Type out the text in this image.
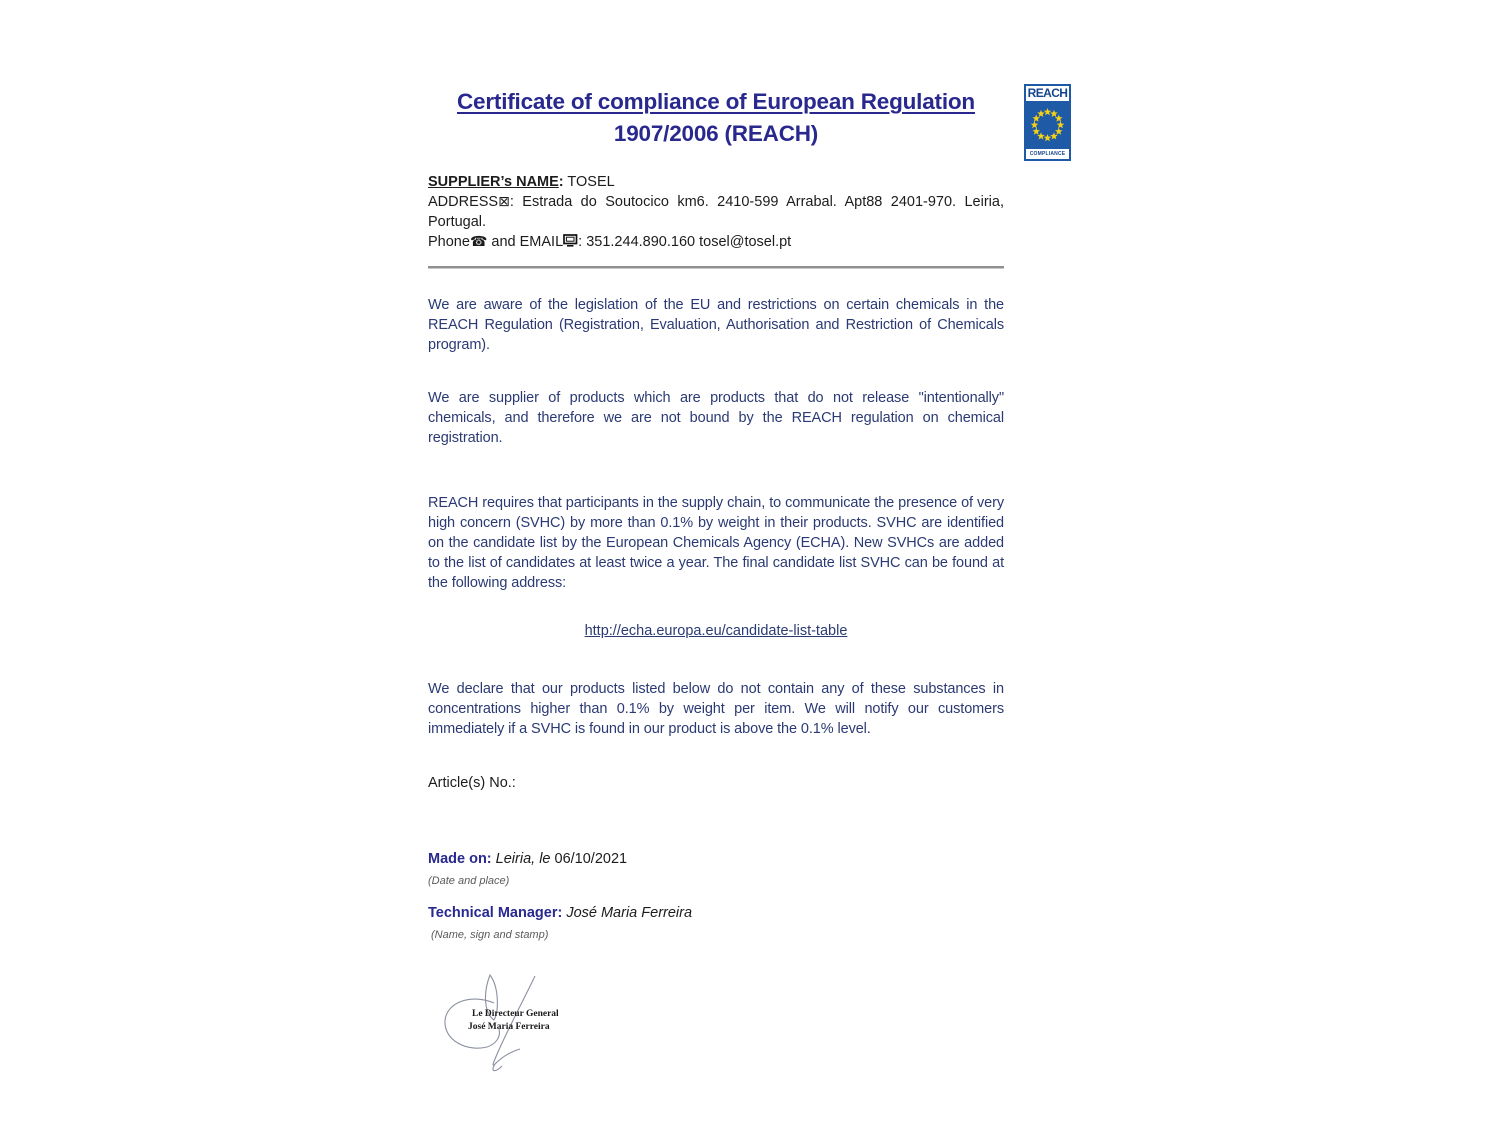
REACH
COMPLIANCE
Certificate of compliance of European Regulation
1907/2006 (REACH)
SUPPLIER’s NAME: TOSEL
ADDRESS⊠: Estrada do Soutocico km6. 2410-599 Arrabal. Apt88 2401-970. Leiria, Portugal.
Phone☎ and EMAIL : 351.244.890.160 tosel@tosel.pt

We are aware of the legislation of the EU and restrictions on certain chemicals in the REACH Regulation (Registration, Evaluation, Authorisation and Restriction of Chemicals program).

We are supplier of products which are products that do not release "intentionally" chemicals, and therefore we are not bound by the REACH regulation on chemical registration.

REACH requires that participants in the supply chain, to communicate the presence of very high concern (SVHC) by more than 0.1% by weight in their products. SVHC are identified on the candidate list by the European Chemicals Agency (ECHA). New SVHCs are added to the list of candidates at least twice a year. The final candidate list SVHC can be found at the following address:

http://echa.europa.eu/candidate-list-table

We declare that our products listed below do not contain any of these substances in concentrations higher than 0.1% by weight per item. We will notify our customers immediately if a SVHC is found in our product is above the 0.1% level.

Article(s) No.:

Made on: Leiria, le 06/10/2021
(Date and place)
Technical Manager: José Maria Ferreira
(Name, sign and stamp)
Le Directeur General
José Maria Ferreira
